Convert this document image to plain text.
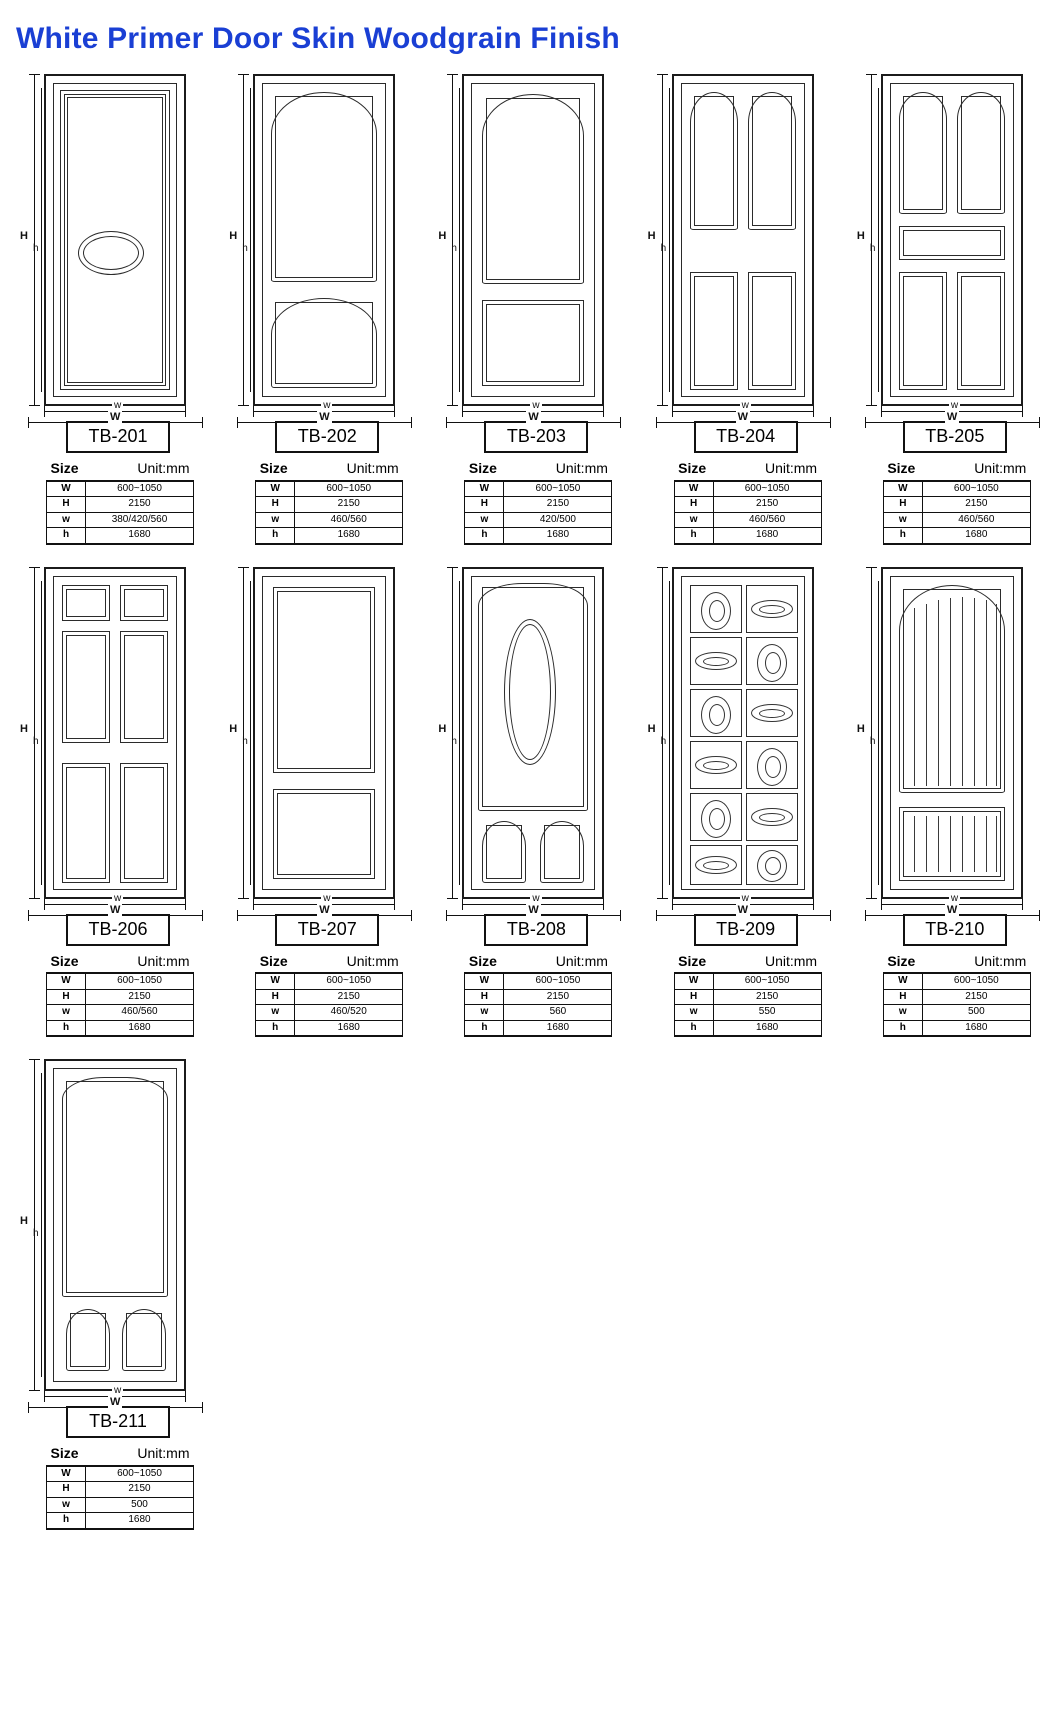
White Primer Door Skin Woodgrain Finish
H
h
w
W
TB-201
Size	Unit:mm
W	600~1050
H	2150
w	380/420/560
h	1680
H
h
w
W
TB-202
Size	Unit:mm
W	600~1050
H	2150
w	460/560
h	1680
H
h
w
W
TB-203
Size	Unit:mm
W	600~1050
H	2150
w	420/500
h	1680
H
h
w
W
TB-204
Size	Unit:mm
W	600~1050
H	2150
w	460/560
h	1680
H
h
w
W
TB-205
Size	Unit:mm
W	600~1050
H	2150
w	460/560
h	1680
H
h
w
W
TB-206
Size	Unit:mm
W	600~1050
H	2150
w	460/560
h	1680
H
h
w
W
TB-207
Size	Unit:mm
W	600~1050
H	2150
w	460/520
h	1680
H
h
w
W
TB-208
Size	Unit:mm
W	600~1050
H	2150
w	560
h	1680
H
h
w
W
TB-209
Size	Unit:mm
W	600~1050
H	2150
w	550
h	1680
H
h
w
W
TB-210
Size	Unit:mm
W	600~1050
H	2150
w	500
h	1680
H
h
w
W
TB-211
Size	Unit:mm
W	600~1050
H	2150
w	500
h	1680
